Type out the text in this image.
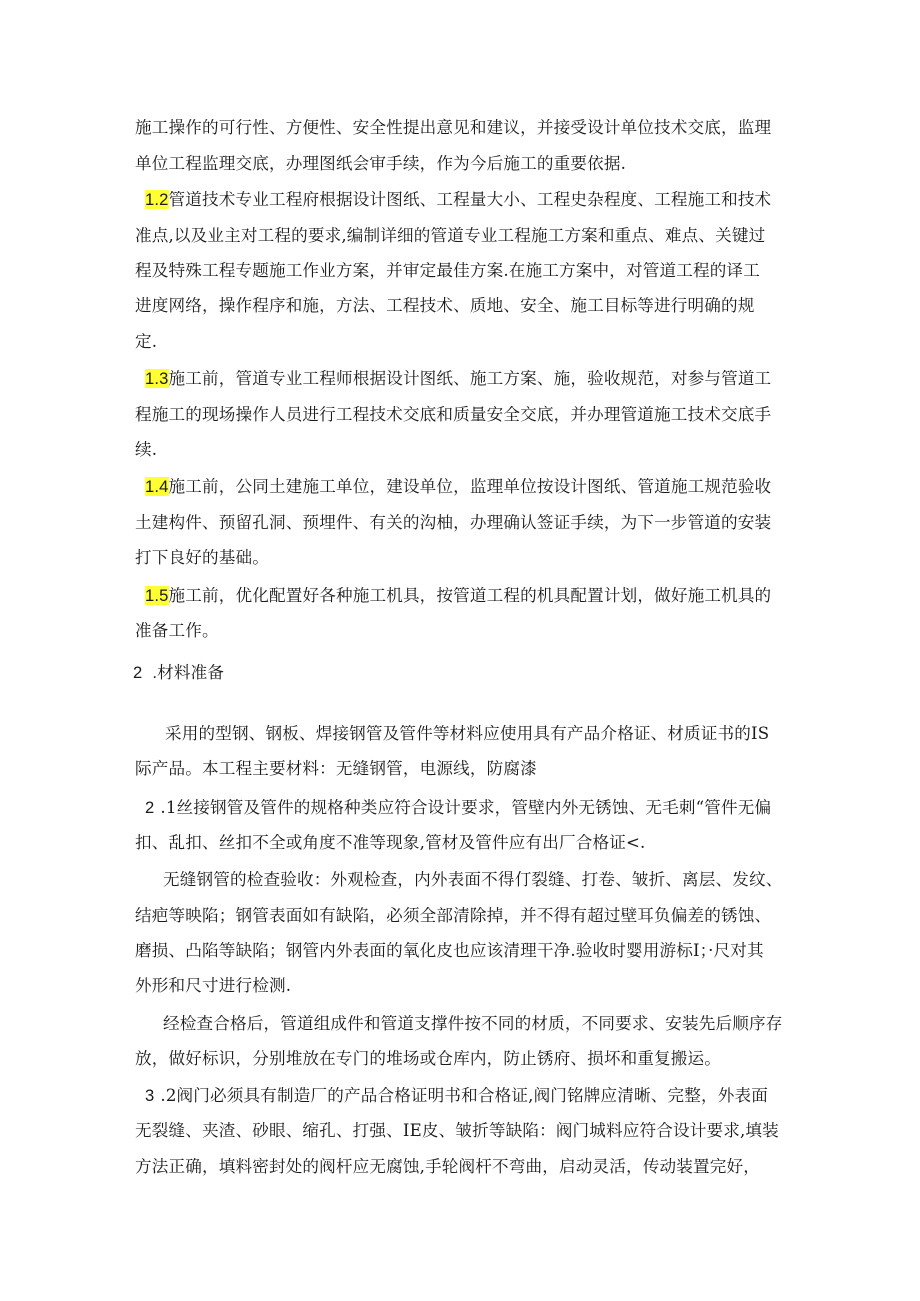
施工操作的可行性、方便性、安全性提出意见和建议，并接受设计单位技术交底，监理
单位工程监理交底，办理图纸会审手续，作为今后施工的重要依据.
1.2管道技术专业工程府根据设计图纸、工程量大小、工程史杂程度、工程施工和技术
准点,以及业主对工程的要求,编制详细的管道专业工程施工方案和重点、难点、关键过
程及特殊工程专题施工作业方案，并审定最佳方案.在施工方案中，对管道工程的译工
进度网络，操作程序和施，方法、工程技术、质地、安全、施工目标等进行明确的规
定.
1.3施工前，管道专业工程师根据设计图纸、施工方案、施，验收规范，对参与管道工
程施工的现场操作人员进行工程技术交底和质量安全交底，并办理管道施工技术交底手
续.
1.4施工前，公同土建施工单位，建设单位，监理单位按设计图纸、管道施工规范验收
土建构件、预留孔洞、预埋件、有关的沟柚，办理确认签证手续，为下一步管道的安装
打下良好的基础。
1.5施工前，优化配置好各种施工机具，按管道工程的机具配置计划，做好施工机具的
准备工作。
2 .材料准备
采用的型钢、钢板、焊接钢管及管件等材料应使用具有产品介格证、材质证书的IS
际产品。本工程主要材料：无缝钢管，电源线，防腐漆
2 .1丝接钢管及管件的规格种类应符合设计要求，管壁内外无锈蚀、无毛刺“管件无偏
扣、乱扣、丝扣不全或角度不准等现象,管材及管件应有出厂合格证<.
无缝钢管的检查验收：外观检查，内外表面不得仃裂缝、打卷、皱折、离层、发纹、
结疤等映陷；钢管表面如有缺陷，必须全部清除掉，并不得有超过壁耳负偏差的锈蚀、
磨损、凸陷等缺陷；钢管内外表面的氧化皮也应该清理干净.验收时婴用游标I；·尺对其
外形和尺寸进行检测.
经检查合格后，管道组成件和管道支撑件按不同的材质，不同要求、安装先后顺序存
放，做好标识，分别堆放在专门的堆场或仓库内，防止锈府、损坏和重复搬运。
3 .2阀门必须具有制造厂的产品合格证明书和合格证,阀门铭牌应清晰、完整，外表面
无裂缝、夹渣、砂眼、缩孔、打强、IE皮、皱折等缺陷：阀门城料应符合设计要求,填装
方法正确，填料密封处的阀杆应无腐蚀,手轮阀杆不弯曲，启动灵活，传动装置完好，
